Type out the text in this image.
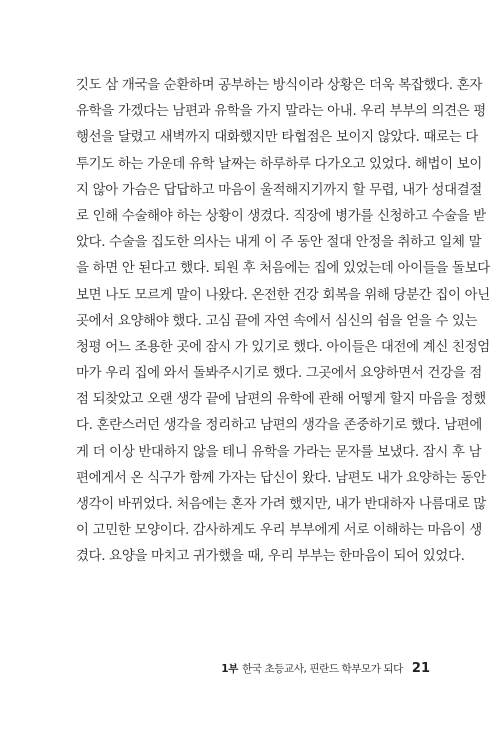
깃도 삼 개국을 순환하며 공부하는 방식이라 상황은 더욱 복잡했다. 혼자
유학을 가겠다는 남편과 유학을 가지 말라는 아내. 우리 부부의 의견은 평
행선을 달렸고 새벽까지 대화했지만 타협점은 보이지 않았다. 때로는 다
투기도 하는 가운데 유학 날짜는 하루하루 다가오고 있었다. 해법이 보이
지 않아 가슴은 답답하고 마음이 울적해지기까지 할 무렵, 내가 성대결절
로 인해 수술해야 하는 상황이 생겼다. 직장에 병가를 신청하고 수술을 받
았다. 수술을 집도한 의사는 내게 이 주 동안 절대 안정을 취하고 일체 말
을 하면 안 된다고 했다. 퇴원 후 처음에는 집에 있었는데 아이들을 돌보다
보면 나도 모르게 말이 나왔다. 온전한 건강 회복을 위해 당분간 집이 아닌
곳에서 요양해야 했다. 고심 끝에 자연 속에서 심신의 쉼을 얻을 수 있는
청평 어느 조용한 곳에 잠시 가 있기로 했다. 아이들은 대전에 계신 친정엄
마가 우리 집에 와서 돌봐주시기로 했다. 그곳에서 요양하면서 건강을 점
점 되찾았고 오랜 생각 끝에 남편의 유학에 관해 어떻게 할지 마음을 정했
다. 혼란스러던 생각을 정리하고 남편의 생각을 존중하기로 했다. 남편에
게 더 이상 반대하지 않을 테니 유학을 가라는 문자를 보냈다. 잠시 후 남
편에게서 온 식구가 함께 가자는 답신이 왔다. 남편도 내가 요양하는 동안
생각이 바뀌었다. 처음에는 혼자 가려 했지만, 내가 반대하자 나름대로 많
이 고민한 모양이다. 감사하게도 우리 부부에게 서로 이해하는 마음이 생
겼다. 요양을 마치고 귀가했을 때, 우리 부부는 한마음이 되어 있었다.
1부 한국 초등교사, 핀란드 학부모가 되다 21
